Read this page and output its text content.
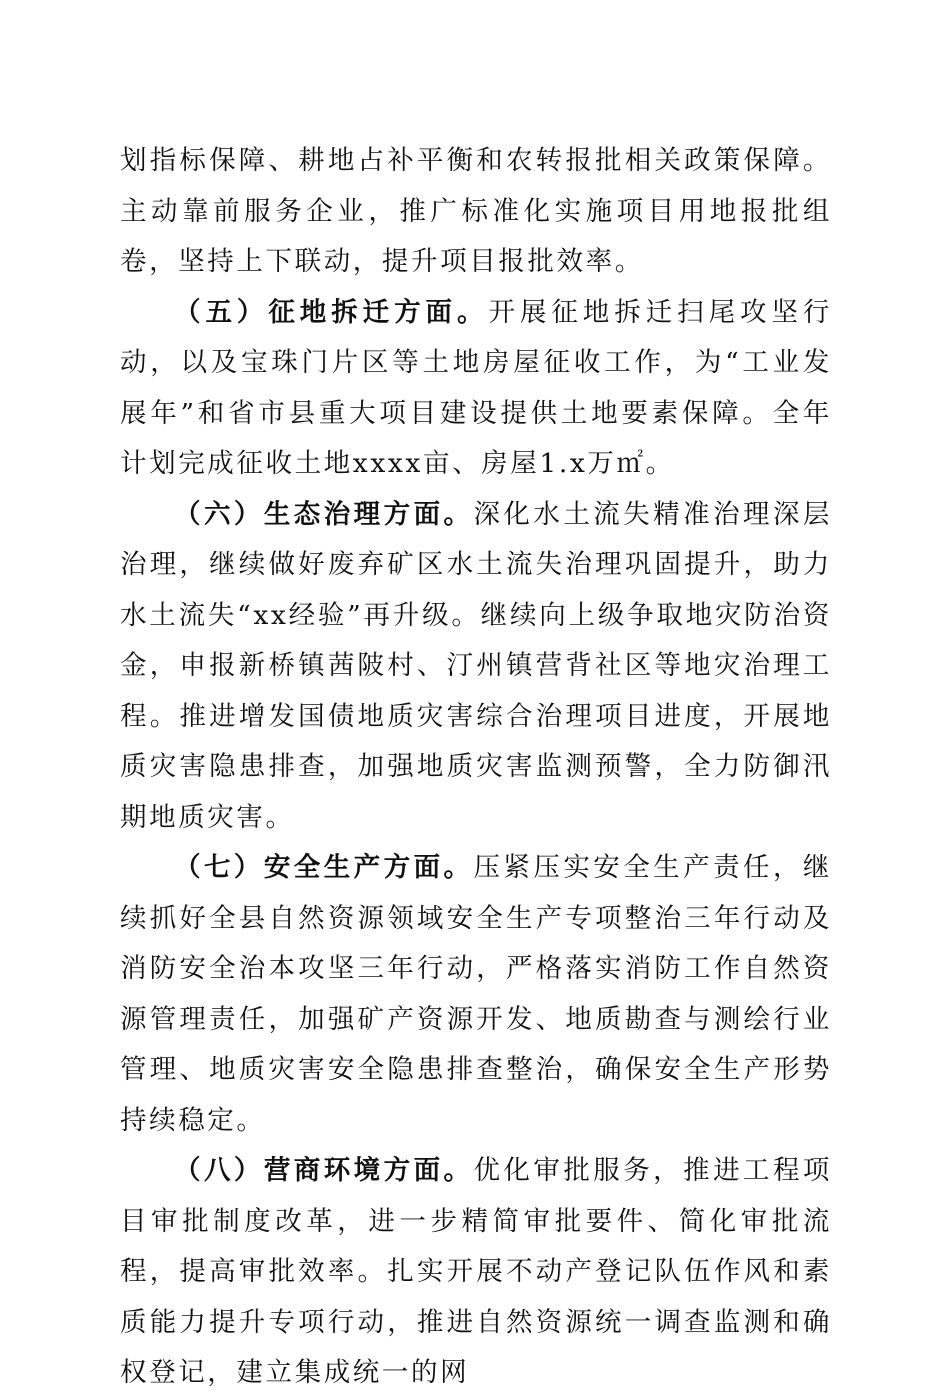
划指标保障、耕地占补平衡和农转报批相关政策保障。主动靠前服务企业，推广标准化实施项目用地报批组卷，坚持上下联动，提升项目报批效率。

（五）征地拆迁方面。开展征地拆迁扫尾攻坚行动，以及宝珠门片区等土地房屋征收工作，为“工业发展年”和省市县重大项目建设提供土地要素保障。全年计划完成征收土地xxxx亩、房屋1.x万㎡。

（六）生态治理方面。深化水土流失精准治理深层治理，继续做好废弃矿区水土流失治理巩固提升，助力水土流失“xx经验”再升级。继续向上级争取地灾防治资金，申报新桥镇茜陂村、汀州镇营背社区等地灾治理工程。推进增发国债地质灾害综合治理项目进度，开展地质灾害隐患排查，加强地质灾害监测预警，全力防御汛期地质灾害。

（七）安全生产方面。压紧压实安全生产责任，继续抓好全县自然资源领域安全生产专项整治三年行动及消防安全治本攻坚三年行动，严格落实消防工作自然资源管理责任，加强矿产资源开发、地质勘查与测绘行业管理、地质灾害安全隐患排查整治，确保安全生产形势持续稳定。

（八）营商环境方面。优化审批服务，推进工程项目审批制度改革，进一步精简审批要件、简化审批流程，提高审批效率。扎实开展不动产登记队伍作风和素质能力提升专项行动，推进自然资源统一调查监测和确权登记，建立集成统一的网
